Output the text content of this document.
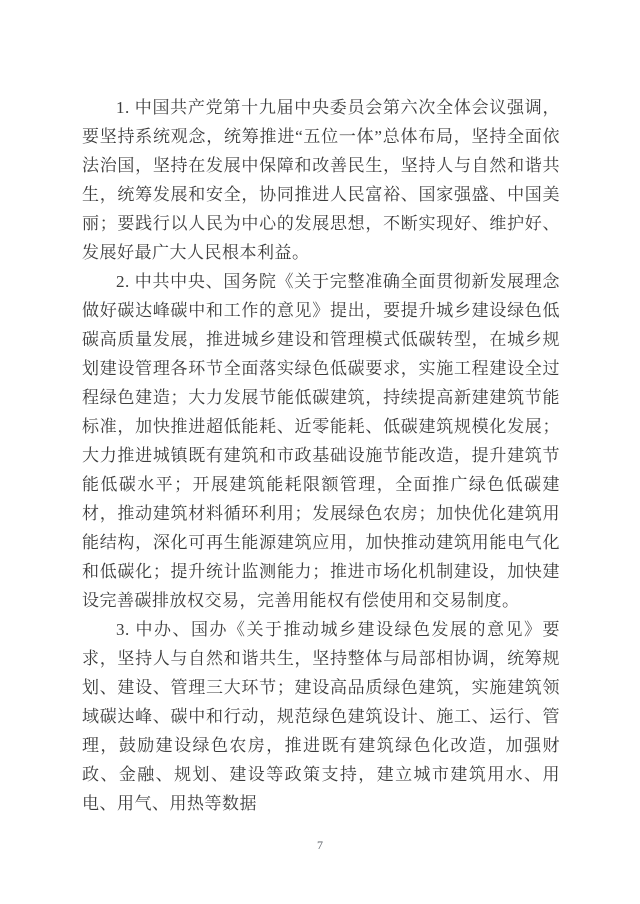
1. 中国共产党第十九届中央委员会第六次全体会议强调，要坚持系统观念，统筹推进“五位一体”总体布局，坚持全面依法治国，坚持在发展中保障和改善民生，坚持人与自然和谐共生，统筹发展和安全，协同推进人民富裕、国家强盛、中国美丽；要践行以人民为中心的发展思想，不断实现好、维护好、发展好最广大人民根本利益。

2. 中共中央、国务院《关于完整准确全面贯彻新发展理念 做好碳达峰碳中和工作的意见》提出，要提升城乡建设绿色低碳高质量发展，推进城乡建设和管理模式低碳转型，在城乡规划建设管理各环节全面落实绿色低碳要求，实施工程建设全过程绿色建造；大力发展节能低碳建筑，持续提高新建建筑节能标准，加快推进超低能耗、近零能耗、低碳建筑规模化发展；大力推进城镇既有建筑和市政基础设施节能改造，提升建筑节能低碳水平；开展建筑能耗限额管理，全面推广绿色低碳建材，推动建筑材料循环利用；发展绿色农房；加快优化建筑用能结构，深化可再生能源建筑应用，加快推动建筑用能电气化和低碳化；提升统计监测能力；推进市场化机制建设，加快建设完善碳排放权交易，完善用能权有偿使用和交易制度。

3. 中办、国办《关于推动城乡建设绿色发展的意见》要求，坚持人与自然和谐共生，坚持整体与局部相协调，统筹规划、建设、管理三大环节；建设高品质绿色建筑，实施建筑领域碳达峰、碳中和行动，规范绿色建筑设计、施工、运行、管理，鼓励建设绿色农房，推进既有建筑绿色化改造，加强财政、金融、规划、建设等政策支持，建立城市建筑用水、用电、用气、用热等数据

7
